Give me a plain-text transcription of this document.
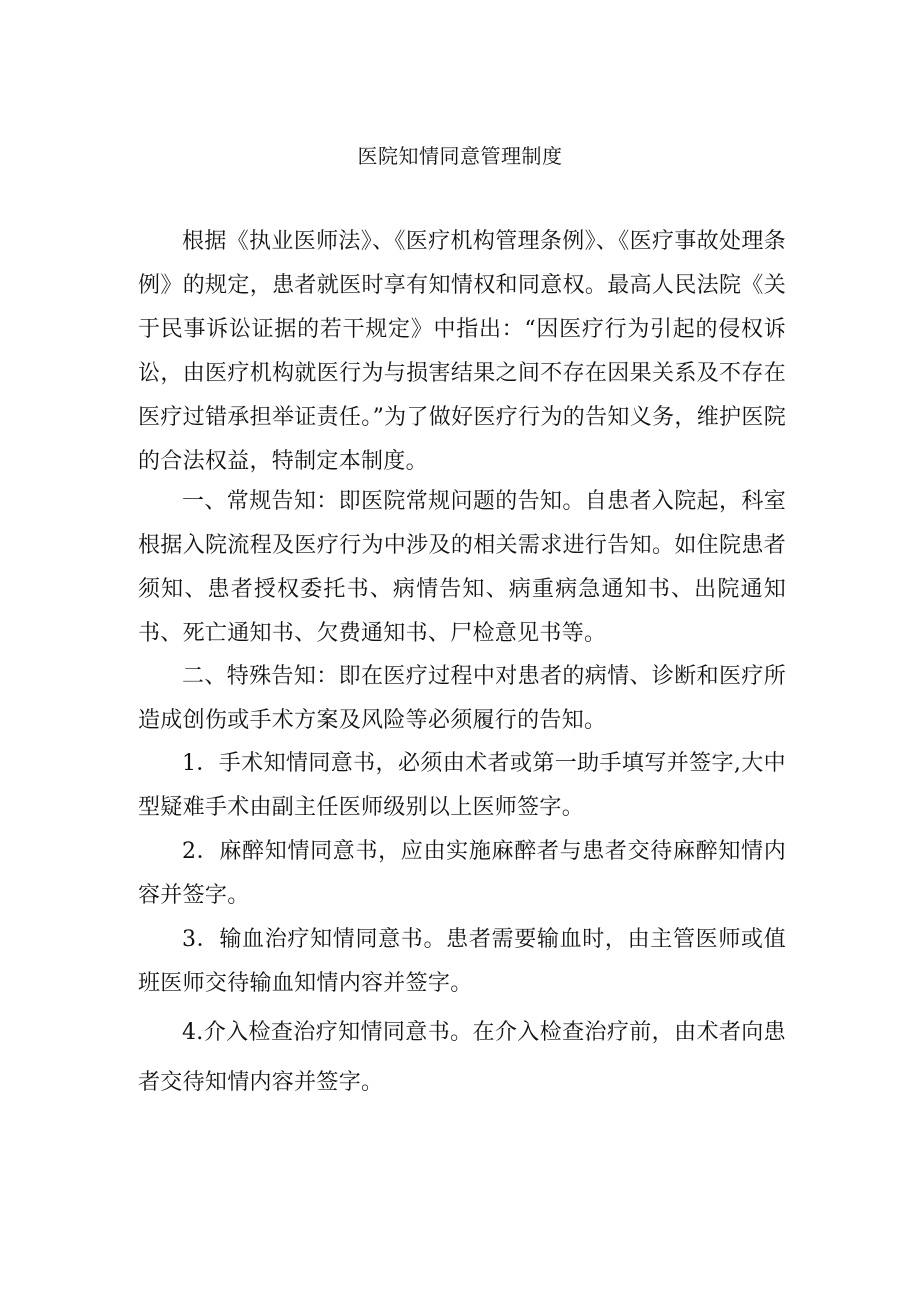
医院知情同意管理制度

根据《执业医师法》、《医疗机构管理条例》、《医疗事故处理条例》的规定，患者就医时享有知情权和同意权。最高人民法院《关于民事诉讼证据的若干规定》中指出：“因医疗行为引起的侵权诉讼，由医疗机构就医行为与损害结果之间不存在因果关系及不存在医疗过错承担举证责任。”为了做好医疗行为的告知义务，维护医院的合法权益，特制定本制度。

一、常规告知：即医院常规问题的告知。自患者入院起，科室根据入院流程及医疗行为中涉及的相关需求进行告知。如住院患者须知、患者授权委托书、病情告知、病重病急通知书、出院通知书、死亡通知书、欠费通知书、尸检意见书等。

二、特殊告知：即在医疗过程中对患者的病情、诊断和医疗所造成创伤或手术方案及风险等必须履行的告知。

1．手术知情同意书，必须由术者或第一助手填写并签字,大中型疑难手术由副主任医师级别以上医师签字。

2．麻醉知情同意书，应由实施麻醉者与患者交待麻醉知情内容并签字。

3．输血治疗知情同意书。患者需要输血时，由主管医师或值班医师交待输血知情内容并签字。

4.介入检查治疗知情同意书。在介入检查治疗前，由术者向患者交待知情内容并签字。
